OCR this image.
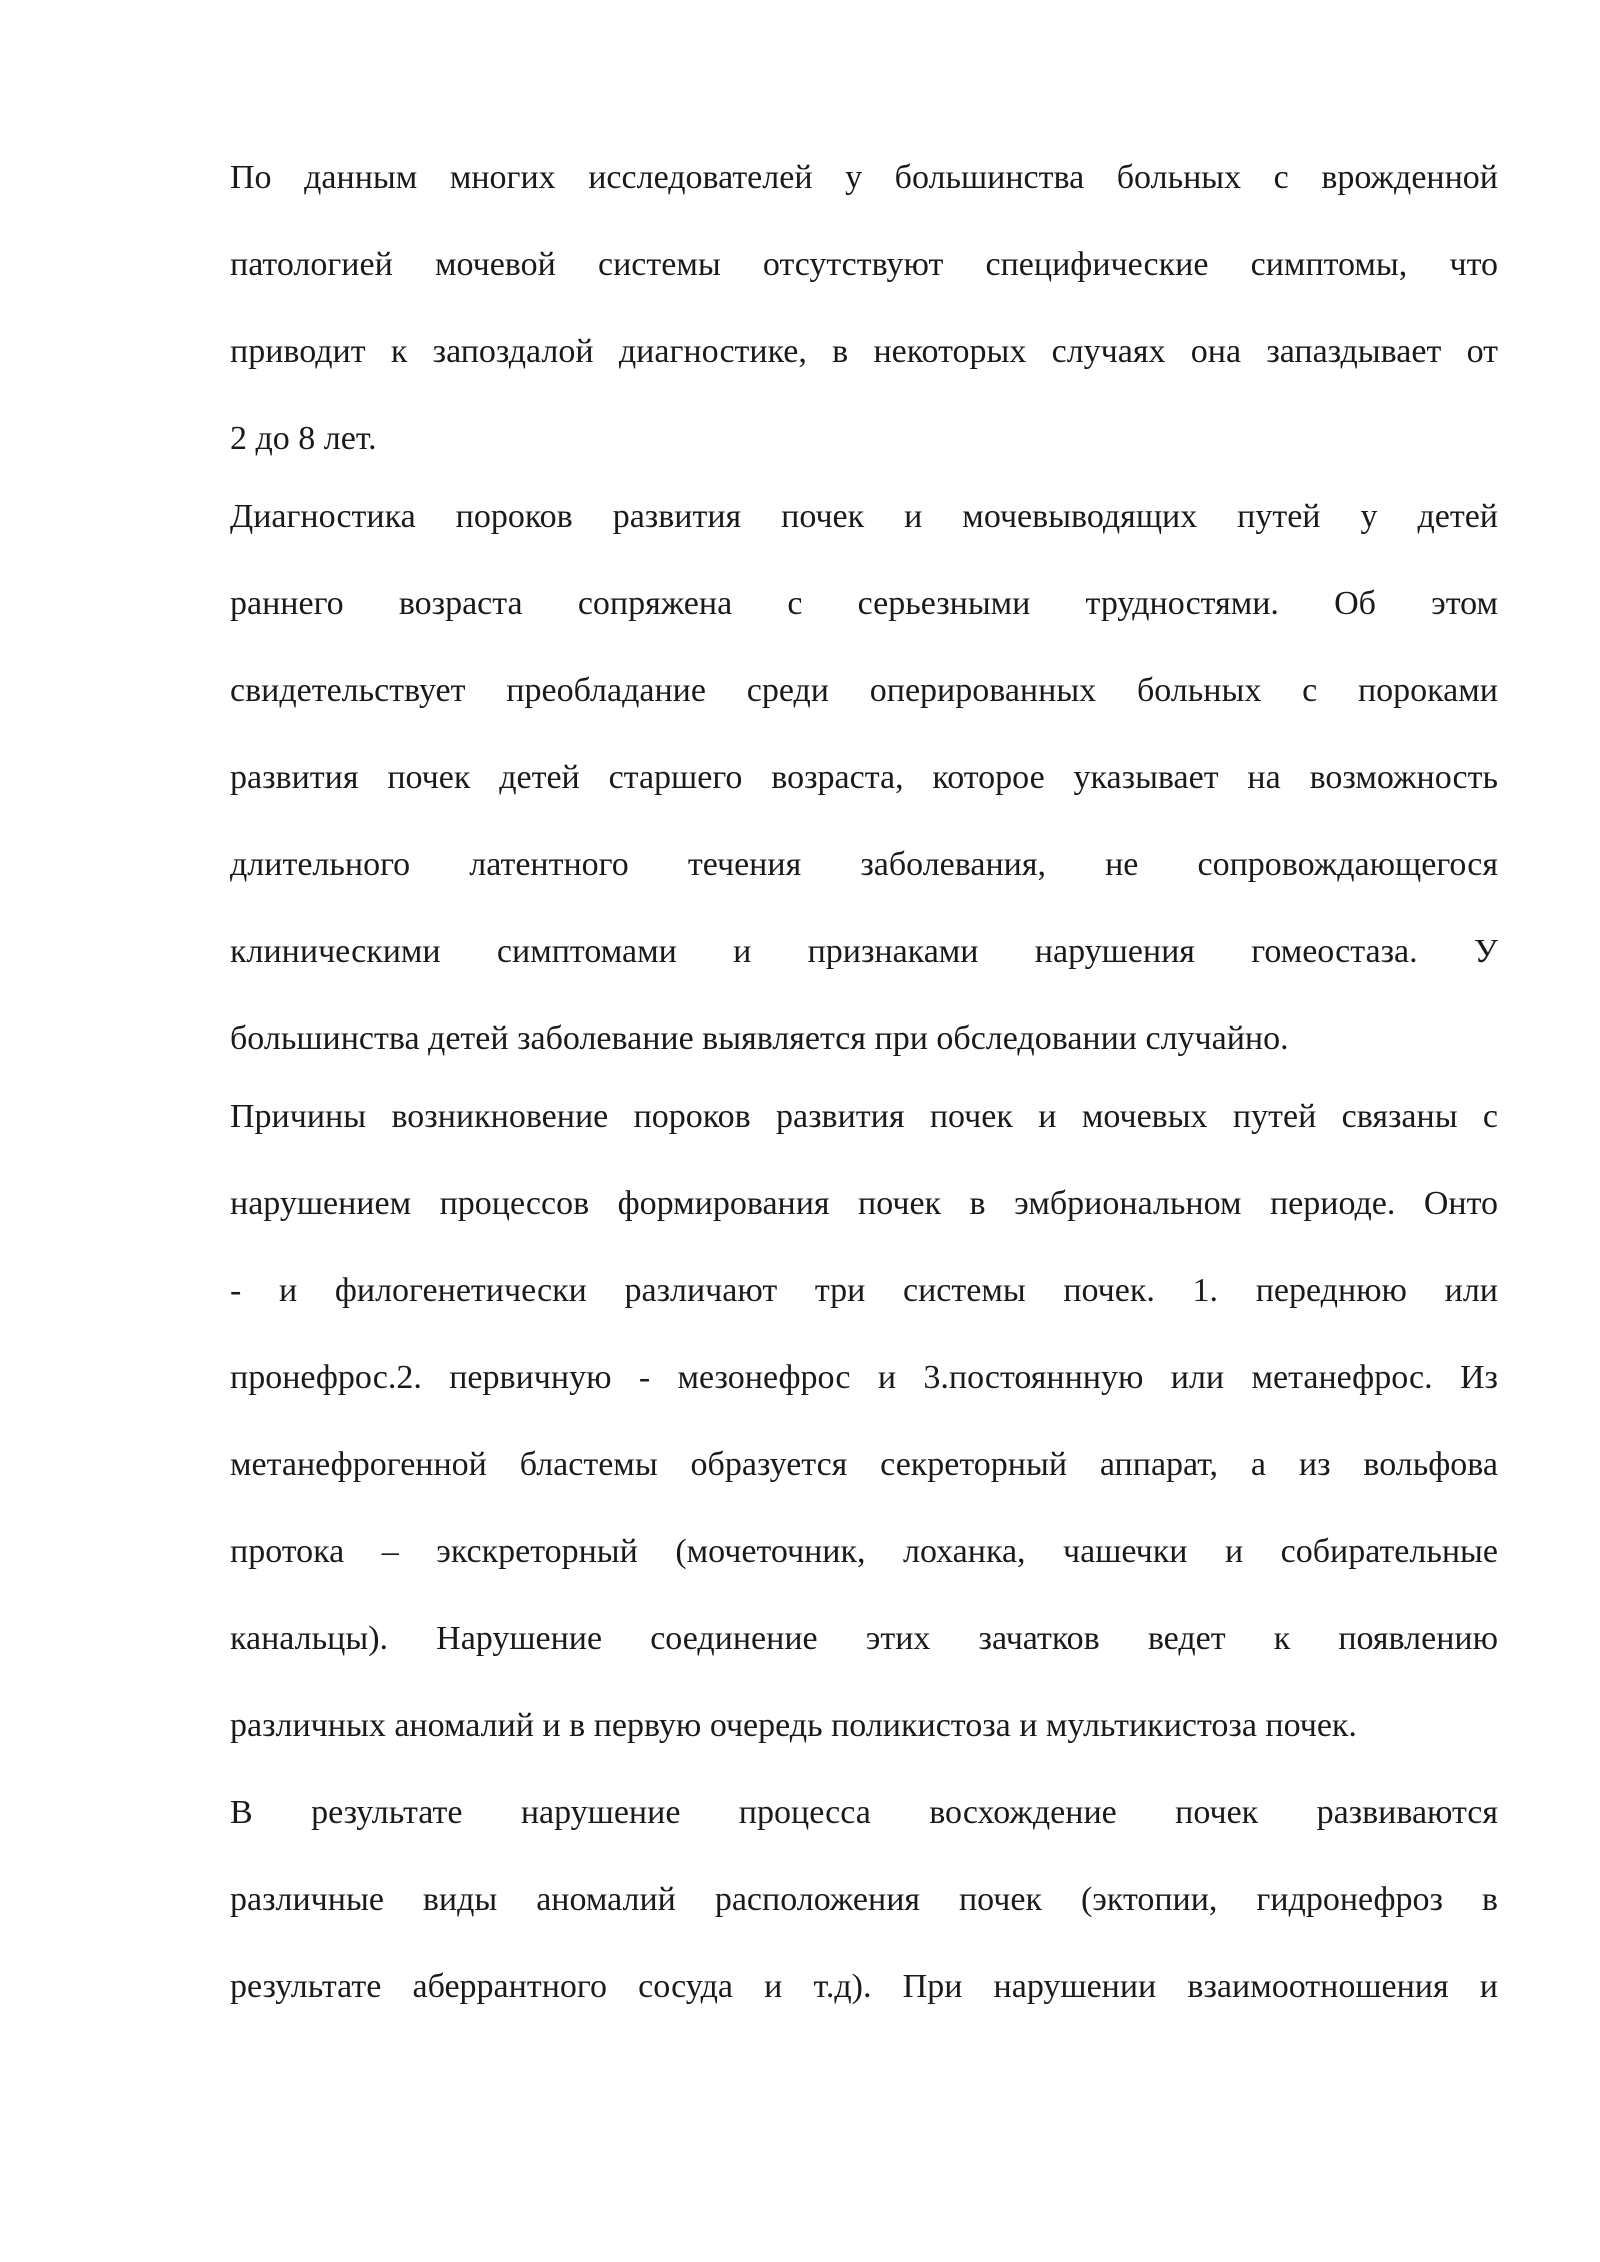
По данным многих исследователей у большинства больных с врожденной
патологией мочевой системы отсутствуют специфические симптомы, что
приводит к запоздалой диагностике, в некоторых случаях она запаздывает от
2 до 8 лет.

Диагностика пороков развития почек и мочевыводящих путей у детей
раннего возраста сопряжена с серьезными трудностями. Об этом
свидетельствует преобладание среди оперированных больных с пороками
развития почек детей старшего возраста, которое указывает на возможность
длительного латентного течения заболевания, не сопровождающегося
клиническими симптомами и признаками нарушения гомеостаза. У
большинства детей заболевание выявляется при обследовании случайно.

Причины возникновение пороков развития почек и мочевых путей связаны с
нарушением процессов формирования почек в эмбриональном периоде. Онто
- и филогенетически различают три системы почек. 1. переднюю или
пронефрос.2. первичную - мезонефрос и 3.постояннную или метанефрос. Из
метанефрогенной бластемы образуется секреторный аппарат, а из вольфова
протока – экскреторный (мочеточник, лоханка, чашечки и собирательные
канальцы). Нарушение соединение этих зачатков ведет к появлению
различных аномалий и в первую очередь поликистоза и мультикистоза почек.
В результате нарушение процесса восхождение почек развиваются
различные виды аномалий расположения почек (эктопии, гидронефроз в
результате аберрантного сосуда и т.д). При нарушении взаимоотношения и
